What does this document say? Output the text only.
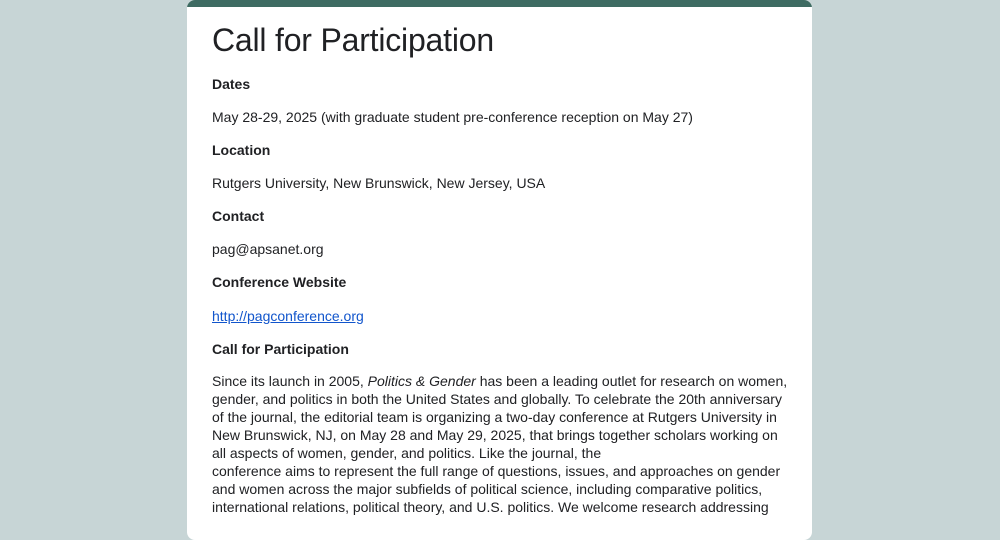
Call for Participation

Dates

May 28-29, 2025 (with graduate student pre-conference reception on May 27)

Location

Rutgers University, New Brunswick, New Jersey, USA

Contact

pag@apsanet.org

Conference Website

http://pagconference.org

Call for Participation

Since its launch in 2005, Politics & Gender has been a leading outlet for research on women,

gender, and politics in both the United States and globally. To celebrate the 20th anniversary

of the journal, the editorial team is organizing a two-day conference at Rutgers University in

New Brunswick, NJ, on May 28 and May 29, 2025, that brings together scholars working on

all aspects of women, gender, and politics. Like the journal, the

conference aims to represent the full range of questions, issues, and approaches on gender

and women across the major subfields of political science, including comparative politics,

international relations, political theory, and U.S. politics. We welcome research addressing
